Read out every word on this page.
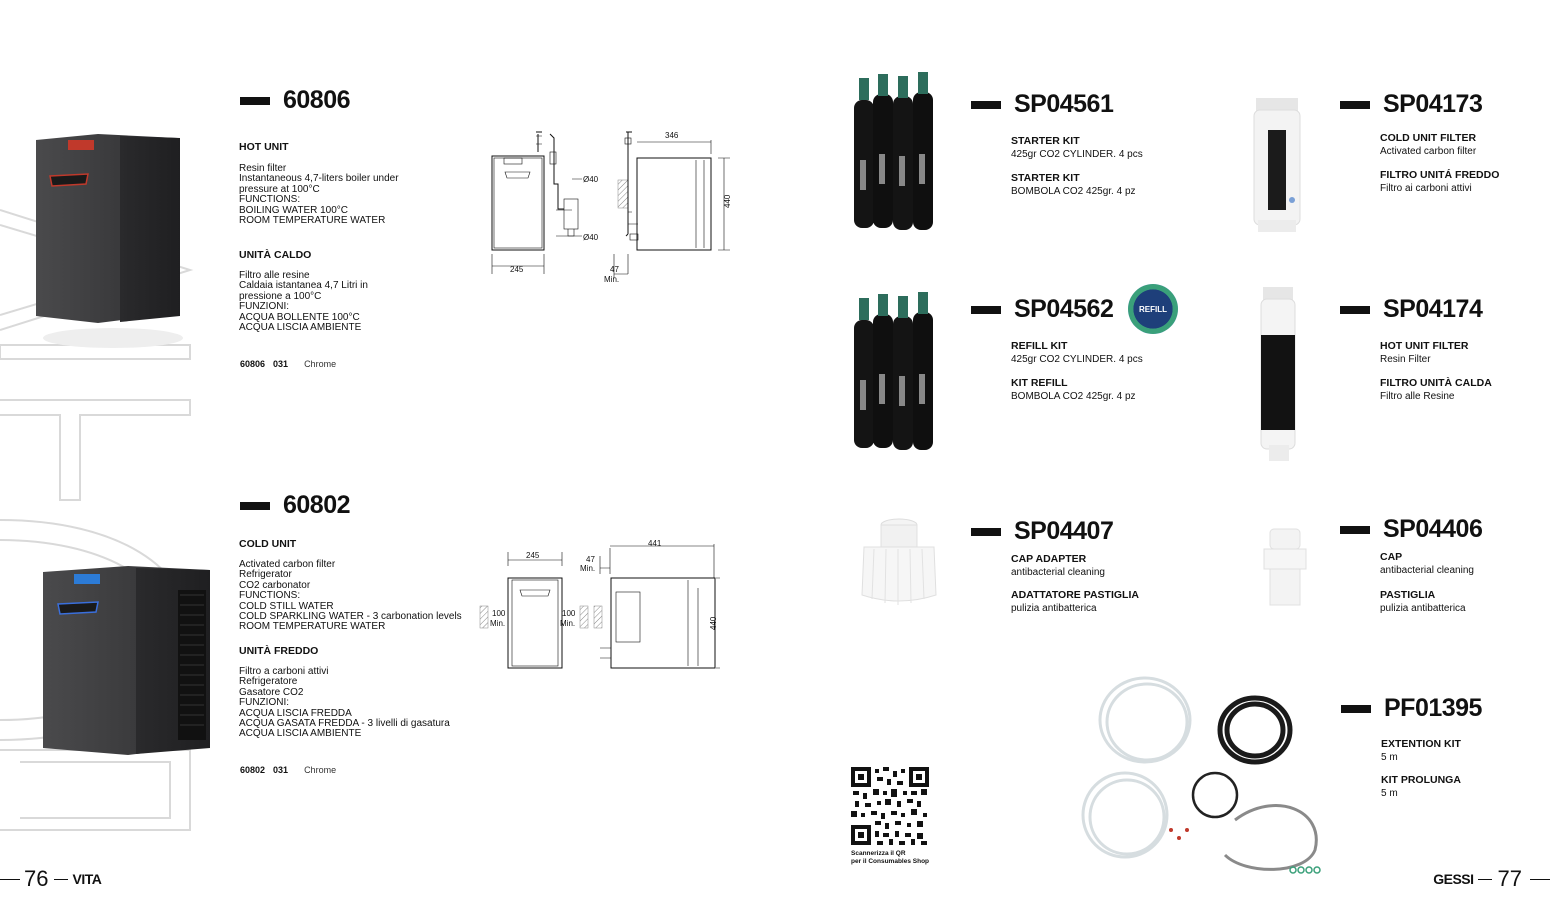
60806
HOT UNIT
Resin filter
Instantaneous 4,7-liters boiler under
pressure at 100°C
FUNCTIONS:
BOILING WATER 100°C
ROOM TEMPERATURE WATER
UNITÀ CALDO
Filtro alle resine
Caldaia istantanea 4,7 Litri in
pressione a 100°C
FUNZIONI:
ACQUA BOLLENTE 100°C
ACQUA LISCIA AMBIENTE
60806 031 Chrome
Ø40
Ø40
245
346
440
47
Min.
60802
COLD UNIT
Activated carbon filter
Refrigerator
CO2 carbonator
FUNCTIONS:
COLD STILL WATER
COLD SPARKLING WATER - 3 carbonation levels
ROOM TEMPERATURE WATER
UNITÀ FREDDO
Filtro a carboni attivi
Refrigeratore
Gasatore CO2
FUNZIONI:
ACQUA LISCIA FREDDA
ACQUA GASATA FREDDA - 3 livelli di gasatura
ACQUA LISCIA AMBIENTE
60802 031 Chrome
245
100
Min.
100
Min.
47
Min.
441
440
76 VITA
SP04561
STARTER KIT
425gr CO2 CYLINDER. 4 pcs
STARTER KIT
BOMBOLA CO2 425gr. 4 pz
SP04173
COLD UNIT FILTER
Activated carbon filter
FILTRO UNITÁ FREDDO
Filtro ai carboni attivi
SP04562	REFILL
REFILL KIT
425gr CO2 CYLINDER. 4 pcs
KIT REFILL
BOMBOLA CO2 425gr. 4 pz
SP04174
HOT UNIT FILTER
Resin Filter
FILTRO UNITÀ CALDA
Filtro alle Resine
SP04407
CAP ADAPTER
antibacterial cleaning
ADATTATORE PASTIGLIA
pulizia antibatterica
SP04406
CAP
antibacterial cleaning
PASTIGLIA
pulizia antibatterica
PF01395
EXTENTION KIT
5 m
KIT PROLUNGA
5 m
Scannerizza il QR
per il Consumables Shop
GESSI 77
